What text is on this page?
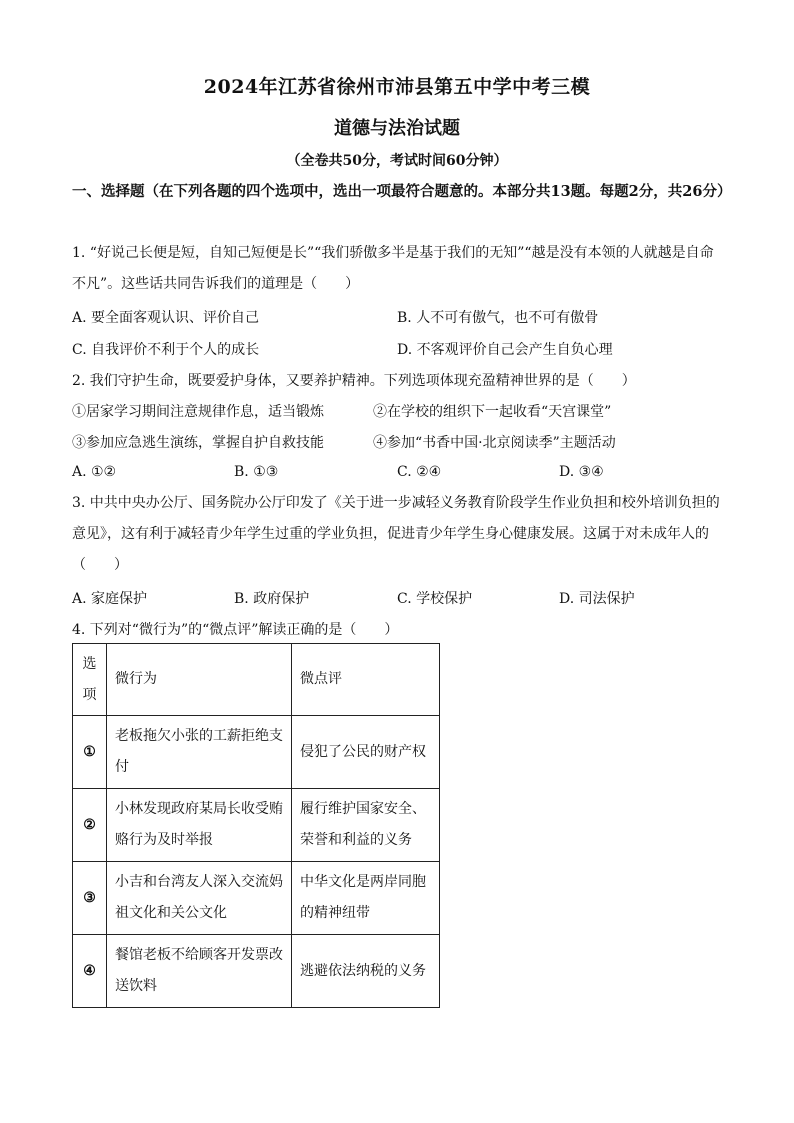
2024年江苏省徐州市沛县第五中学中考三模
道德与法治试题
（全卷共50分，考试时间60分钟）
一、选择题（在下列各题的四个选项中，选出一项最符合题意的。本部分共13题。每题2分，共26分）
1. “好说己长便是短，自知己短便是长”“我们骄傲多半是基于我们的无知”“越是没有本领的人就越是自命不凡”。这些话共同告诉我们的道理是（　　）
A. 要全面客观认识、评价自己	B. 人不可有傲气，也不可有傲骨
C. 自我评价不利于个人的成长	D. 不客观评价自己会产生自负心理
2. 我们守护生命，既要爱护身体，又要养护精神。下列选项体现充盈精神世界的是（　　）
①居家学习期间注意规律作息，适当锻炼	②在学校的组织下一起收看“天宫课堂”
③参加应急逃生演练，掌握自护自救技能	④参加“书香中国·北京阅读季”主题活动
A. ①②	B. ①③	C. ②④	D. ③④
3. 中共中央办公厅、国务院办公厅印发了《关于进一步减轻义务教育阶段学生作业负担和校外培训负担的意见》，这有利于减轻青少年学生过重的学业负担，促进青少年学生身心健康发展。这属于对未成年人的（　　）
A. 家庭保护	B. 政府保护	C. 学校保护	D. 司法保护
4. 下列对“微行为”的“微点评”解读正确的是（　　）
选项	微行为	微点评
①	老板拖欠小张的工薪拒绝支付	侵犯了公民的财产权
②	小林发现政府某局长收受贿赂行为及时举报	履行维护国家安全、荣誉和利益的义务
③	小吉和台湾友人深入交流妈祖文化和关公文化	中华文化是两岸同胞的精神纽带
④	餐馆老板不给顾客开发票改送饮料	逃避依法纳税的义务
